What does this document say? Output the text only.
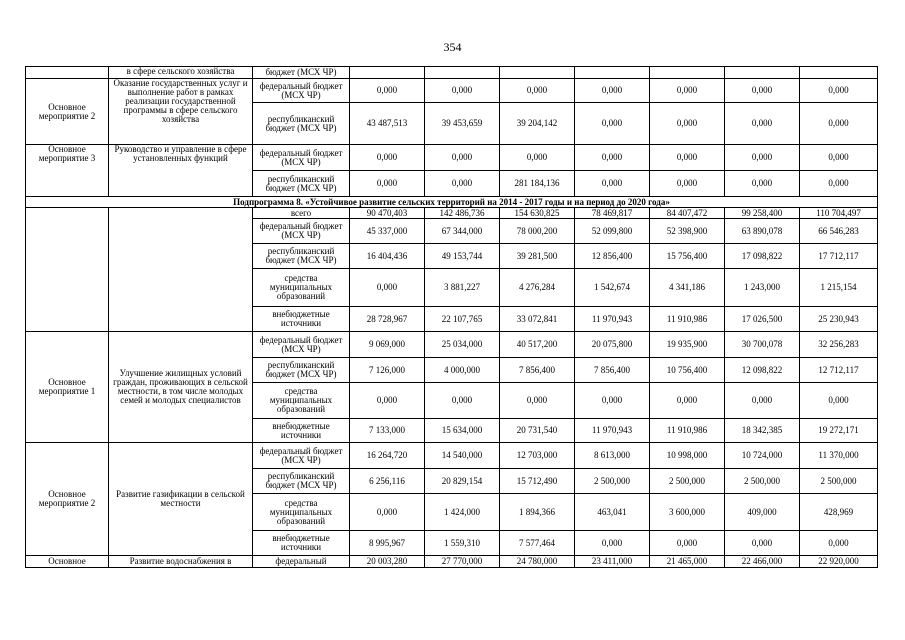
354
	в сфере сельского хозяйства	бюджет (МСХ ЧР)							
Основное мероприятие 2	Оказание государственных услуг и выполнение работ в рамках реализации государственной программы в сфере сельского хозяйства	федеральный бюджет (МСХ ЧР)	0,000	0,000	0,000	0,000	0,000	0,000	0,000
		республиканский бюджет (МСХ ЧР)	43 487,513	39 453,659	39 204,142	0,000	0,000	0,000	0,000
Основное мероприятие 3	Руководство и управление в сфере установленных функций	федеральный бюджет (МСХ ЧР)	0,000	0,000	0,000	0,000	0,000	0,000	0,000
		республиканский бюджет (МСХ ЧР)	0,000	0,000	281 184,136	0,000	0,000	0,000	0,000
Подпрограмма 8. «Устойчивое развитие сельских территорий на 2014 - 2017 годы и на период до 2020 года»									
		всего	90 470,403	142 486,736	154 630,825	78 469,817	84 407,472	99 258,400	110 704,497
		федеральный бюджет (МСХ ЧР)	45 337,000	67 344,000	78 000,200	52 099,800	52 398,900	63 890,078	66 546,283
		республиканский бюджет (МСХ ЧР)	16 404,436	49 153,744	39 281,500	12 856,400	15 756,400	17 098,822	17 712,117
		средства муниципальных образований	0,000	3 881,227	4 276,284	1 542,674	4 341,186	1 243,000	1 215,154
		внебюджетные источники	28 728,967	22 107,765	33 072,841	11 970,943	11 910,986	17 026,500	25 230,943
Основное мероприятие 1	Улучшение жилищных условий граждан, проживающих в сельской местности, в том числе молодых семей и молодых специалистов	федеральный бюджет (МСХ ЧР)	9 069,000	25 034,000	40 517,200	20 075,800	19 935,900	30 700,078	32 256,283
		республиканский бюджет (МСХ ЧР)	7 126,000	4 000,000	7 856,400	7 856,400	10 756,400	12 098,822	12 712,117
		средства муниципальных образований	0,000	0,000	0,000	0,000	0,000	0,000	0,000
		внебюджетные источники	7 133,000	15 634,000	20 731,540	11 970,943	11 910,986	18 342,385	19 272,171
Основное мероприятие 2	Развитие газификации в сельской местности	федеральный бюджет (МСХ ЧР)	16 264,720	14 540,000	12 703,000	8 613,000	10 998,000	10 724,000	11 370,000
		республиканский бюджет (МСХ ЧР)	6 256,116	20 829,154	15 712,490	2 500,000	2 500,000	2 500,000	2 500,000
		средства муниципальных образований	0,000	1 424,000	1 894,366	463,041	3 600,000	409,000	428,969
		внебюджетные источники	8 995,967	1 559,310	7 577,464	0,000	0,000	0,000	0,000
Основное	Развитие водоснабжения в	федеральный	20 003,280	27 770,000	24 780,000	23 411,000	21 465,000	22 466,000	22 920,000
